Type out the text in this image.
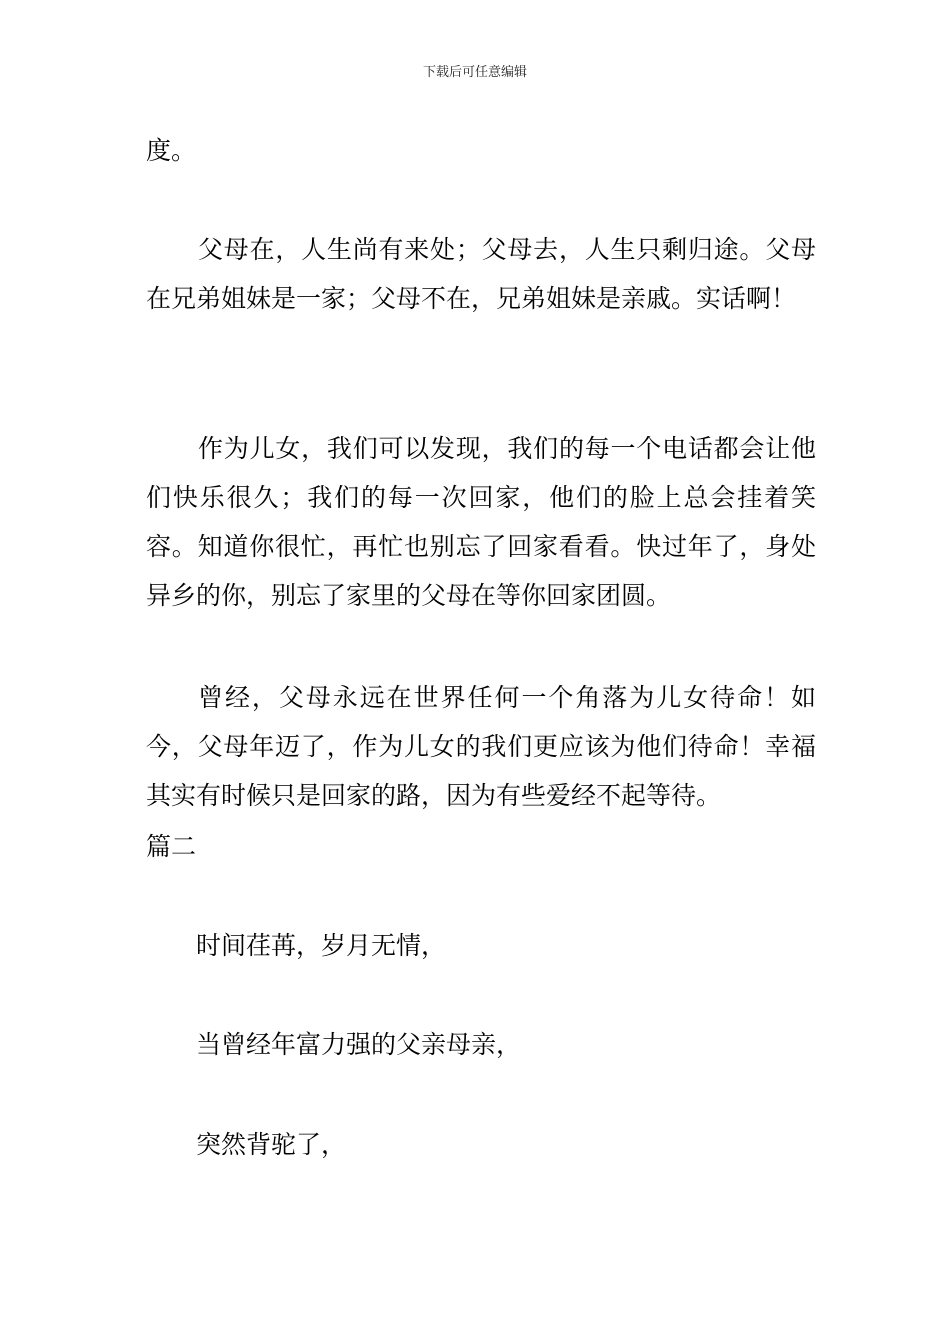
下载后可任意编辑

度。

父母在，人生尚有来处；父母去，人生只剩归途。父母在兄弟姐妹是一家；父母不在，兄弟姐妹是亲戚。实话啊！

作为儿女，我们可以发现，我们的每一个电话都会让他们快乐很久；我们的每一次回家，他们的脸上总会挂着笑容。知道你很忙，再忙也别忘了回家看看。快过年了，身处异乡的你，别忘了家里的父母在等你回家团圆。

曾经，父母永远在世界任何一个角落为儿女待命！如今，父母年迈了，作为儿女的我们更应该为他们待命！幸福其实有时候只是回家的路，因为有些爱经不起等待。

篇二

时间荏苒，岁月无情，

当曾经年富力强的父亲母亲，

突然背驼了，
